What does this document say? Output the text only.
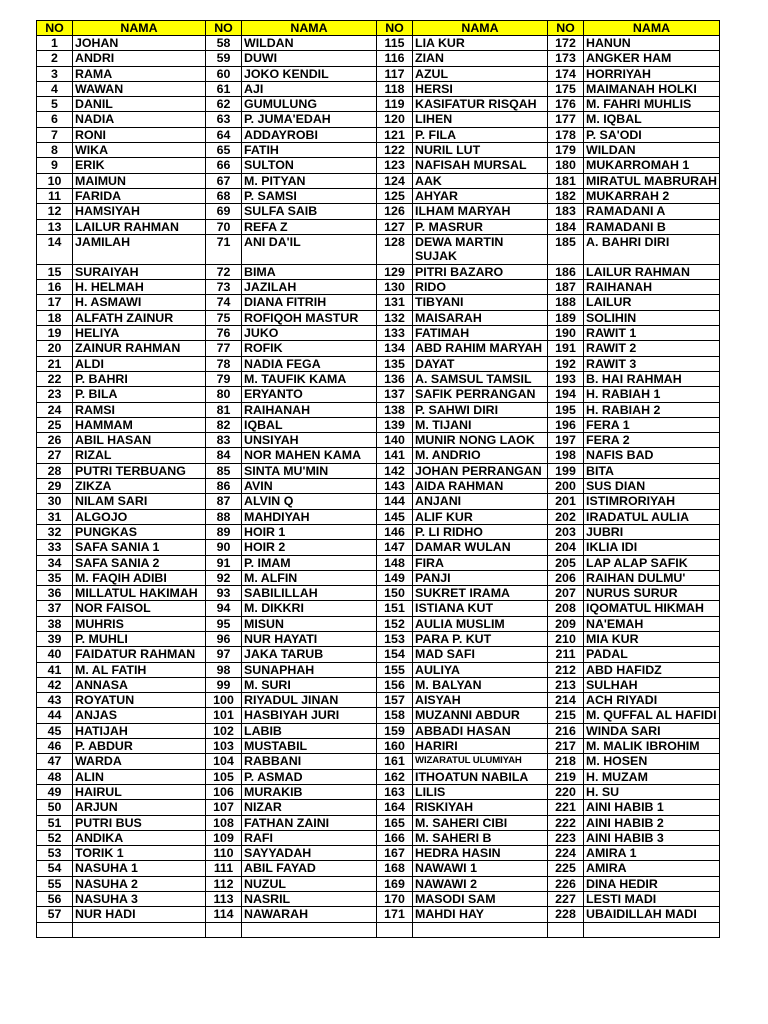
NO	NAMA	NO	NAMA	NO	NAMA	NO	NAMA
1	JOHAN	58	WILDAN	115	LIA KUR	172	HANUN
2	ANDRI	59	DUWI	116	ZIAN	173	ANGKER HAM
3	RAMA	60	JOKO KENDIL	117	AZUL	174	HORRIYAH
4	WAWAN	61	AJI	118	HERSI	175	MAIMANAH HOLKI
5	DANIL	62	GUMULUNG	119	KASIFATUR RISQAH	176	M. FAHRI MUHLIS
6	NADIA	63	P. JUMA'EDAH	120	LIHEN	177	M. IQBAL
7	RONI	64	ADDAYROBI	121	P. FILA	178	P. SA'ODI
8	WIKA	65	FATIH	122	NURIL LUT	179	WILDAN
9	ERIK	66	SULTON	123	NAFISAH MURSAL	180	MUKARROMAH 1
10	MAIMUN	67	M. PITYAN	124	AAK	181	MIRATUL MABRURAH
11	FARIDA	68	P. SAMSI	125	AHYAR	182	MUKARRAH 2
12	HAMSIYAH	69	SULFA SAIB	126	ILHAM MARYAH	183	RAMADANI A
13	LAILUR RAHMAN	70	REFA Z	127	P. MASRUR	184	RAMADANI B
14	JAMILAH	71	ANI DA'IL	128	DEWA MARTIN SUJAK	185	A. BAHRI DIRI
15	SURAIYAH	72	BIMA	129	PITRI BAZARO	186	LAILUR RAHMAN
16	H. HELMAH	73	JAZILAH	130	RIDO	187	RAIHANAH
17	H. ASMAWI	74	DIANA FITRIH	131	TIBYANI	188	LAILUR
18	ALFATH ZAINUR	75	ROFIQOH MASTUR	132	MAISARAH	189	SOLIHIN
19	HELIYA	76	JUKO	133	FATIMAH	190	RAWIT 1
20	ZAINUR RAHMAN	77	ROFIK	134	ABD RAHIM MARYAH	191	RAWIT 2
21	ALDI	78	NADIA FEGA	135	DAYAT	192	RAWIT 3
22	P. BAHRI	79	M. TAUFIK KAMA	136	A. SAMSUL TAMSIL	193	B. HAI RAHMAH
23	P. BILA	80	ERYANTO	137	SAFIK PERRANGAN	194	H. RABIAH 1
24	RAMSI	81	RAIHANAH	138	P. SAHWI DIRI	195	H. RABIAH 2
25	HAMMAM	82	IQBAL	139	M. TIJANI	196	FERA 1
26	ABIL HASAN	83	UNSIYAH	140	MUNIR NONG LAOK	197	FERA 2
27	RIZAL	84	NOR MAHEN KAMA	141	M. ANDRIO	198	NAFIS BAD
28	PUTRI TERBUANG	85	SINTA MU'MIN	142	JOHAN PERRANGAN	199	BITA
29	ZIKZA	86	AVIN	143	AIDA RAHMAN	200	SUS DIAN
30	NILAM SARI	87	ALVIN Q	144	ANJANI	201	ISTIMRORIYAH
31	ALGOJO	88	MAHDIYAH	145	ALIF KUR	202	IRADATUL AULIA
32	PUNGKAS	89	HOIR 1	146	P. LI RIDHO	203	JUBRI
33	SAFA SANIA 1	90	HOIR 2	147	DAMAR WULAN	204	IKLIA IDI
34	SAFA SANIA 2	91	P. IMAM	148	FIRA	205	LAP ALAP SAFIK
35	M. FAQIH ADIBI	92	M. ALFIN	149	PANJI	206	RAIHAN DULMU'
36	MILLATUL HAKIMAH	93	SABILILLAH	150	SUKRET IRAMA	207	NURUS SURUR
37	NOR FAISOL	94	M. DIKKRI	151	ISTIANA KUT	208	IQOMATUL HIKMAH
38	MUHRIS	95	MISUN	152	AULIA MUSLIM	209	NA'EMAH
39	P. MUHLI	96	NUR HAYATI	153	PARA P. KUT	210	MIA KUR
40	FAIDATUR RAHMAN	97	JAKA TARUB	154	MAD SAFI	211	PADAL
41	M. AL FATIH	98	SUNAPHAH	155	AULIYA	212	ABD HAFIDZ
42	ANNASA	99	M. SURI	156	M. BALYAN	213	SULHAH
43	ROYATUN	100	RIYADUL JINAN	157	AISYAH	214	ACH RIYADI
44	ANJAS	101	HASBIYAH JURI	158	MUZANNI ABDUR	215	M. QUFFAL AL HAFIDI
45	HATIJAH	102	LABIB	159	ABBADI HASAN	216	WINDA SARI
46	P. ABDUR	103	MUSTABIL	160	HARIRI	217	M. MALIK IBROHIM
47	WARDA	104	RABBANI	161	WIZARATUL ULUMIYAH	218	M. HOSEN
48	ALIN	105	P. ASMAD	162	ITHOATUN NABILA	219	H. MUZAM
49	HAIRUL	106	MURAKIB	163	LILIS	220	H. SU
50	ARJUN	107	NIZAR	164	RISKIYAH	221	AINI HABIB 1
51	PUTRI BUS	108	FATHAN ZAINI	165	M. SAHERI CIBI	222	AINI HABIB 2
52	ANDIKA	109	RAFI	166	M. SAHERI B	223	AINI HABIB 3
53	TORIK 1	110	SAYYADAH	167	HEDRA HASIN	224	AMIRA 1
54	NASUHA 1	111	ABIL FAYAD	168	NAWAWI 1	225	AMIRA
55	NASUHA 2	112	NUZUL	169	NAWAWI 2	226	DINA HEDIR
56	NASUHA 3	113	NASRIL	170	MASODI SAM	227	LESTI MADI
57	NUR HADI	114	NAWARAH	171	MAHDI HAY	228	UBAIDILLAH MADI
